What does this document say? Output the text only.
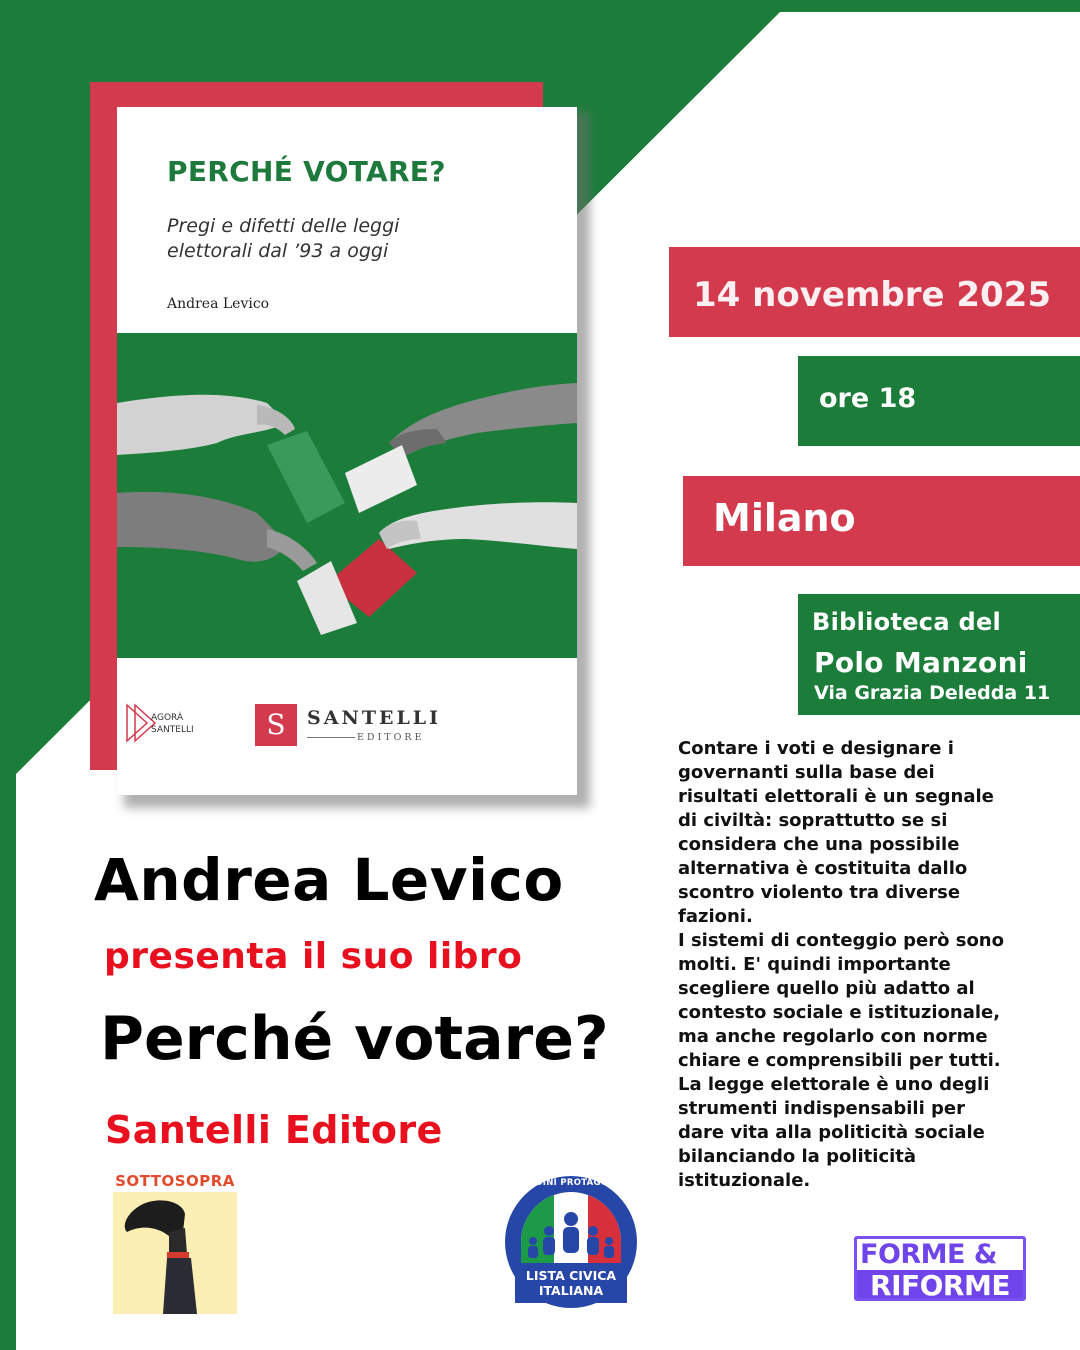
PERCHÉ VOTARE?
Pregi e difetti delle leggi
elettorali dal ’93 a oggi
Andrea Levico
AGORÀ
SANTELLI	S	SANTELLI
EDITORE
14 novembre 2025
ore 18
Milano
Biblioteca del
Polo Manzoni
Via Grazia Deledda 11

Contare i voti e designare i

governanti sulla base dei

risultati elettorali è un segnale

di civiltà: soprattutto se si

considera che una possibile

alternativa è costituita dallo

scontro violento tra diverse

fazioni.

I sistemi di conteggio però sono

molti. E' quindi importante

scegliere quello più adatto al

contesto sociale e istituzionale,

ma anche regolarlo con norme

chiare e comprensibili per tutti.

La legge elettorale è uno degli

strumenti indispensabili per

dare vita alla politicità sociale

bilanciando la politicità

istituzionale.

Andrea Levico
presenta il suo libro
Perché votare?
Santelli Editore
SOTTOSOPRA
LISTA CIVICA
ITALIANA
CITTADINI PROTAGONISTI
FORME &
RIFORME
